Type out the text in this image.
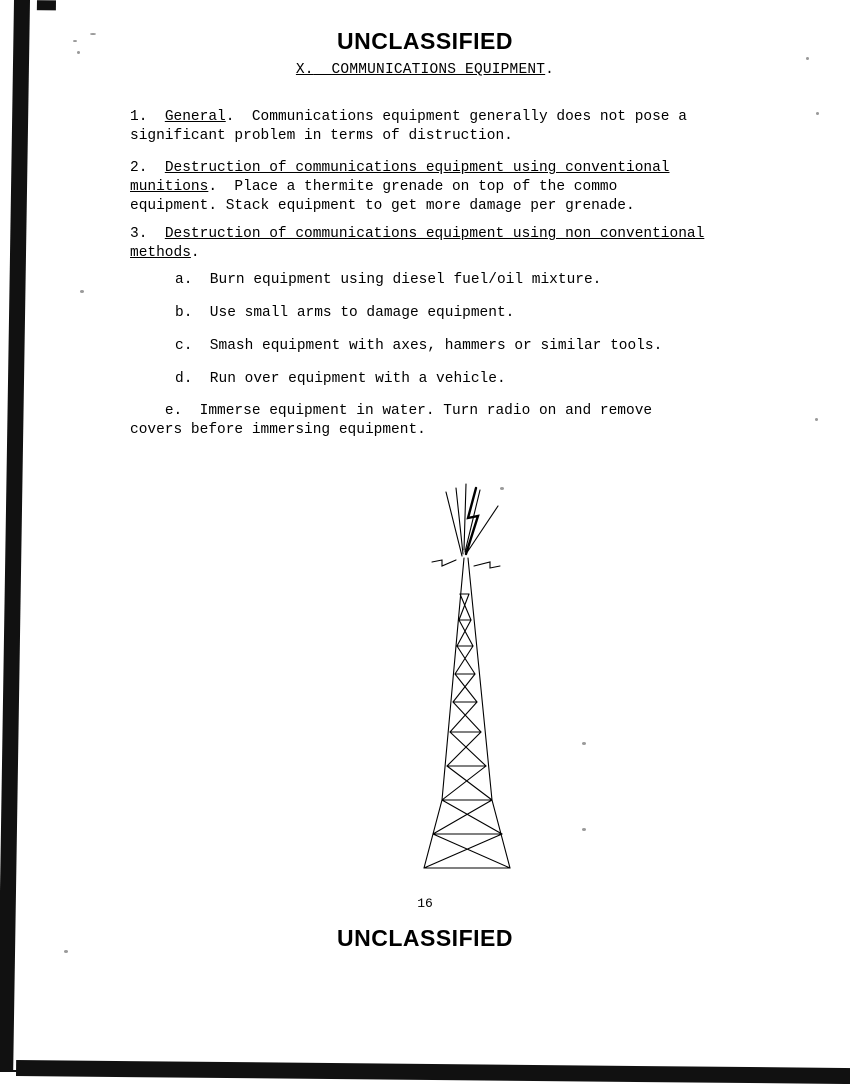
UNCLASSIFIED
X. COMMUNICATIONS EQUIPMENT.
1.  General.  Communications equipment generally does not pose a
significant problem in terms of distruction.
2.  Destruction of communications equipment using conventional
munitions.  Place a thermite grenade on top of the commo
equipment. Stack equipment to get more damage per grenade.
3.  Destruction of communications equipment using non conventional
methods.
a.  Burn equipment using diesel fuel/oil mixture.
b.  Use small arms to damage equipment.
c.  Smash equipment with axes, hammers or similar tools.
d.  Run over equipment with a vehicle.
e.  Immerse equipment in water. Turn radio on and remove
covers before immersing equipment.
16
UNCLASSIFIED
